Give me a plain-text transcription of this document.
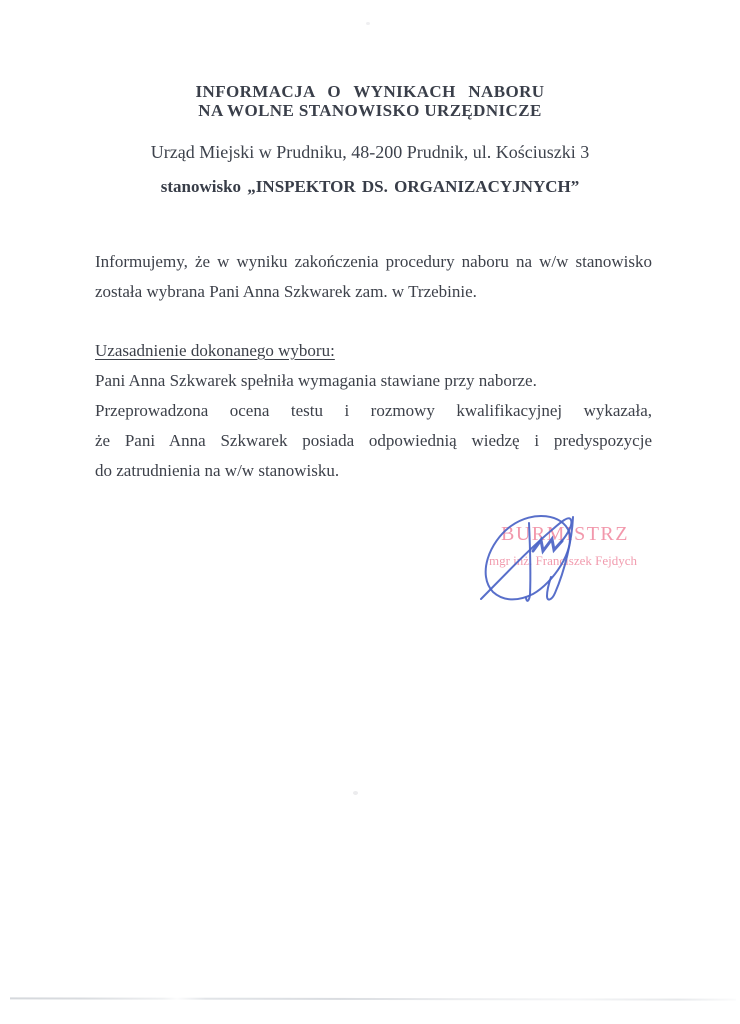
INFORMACJA O WYNIKACH NABORU
NA WOLNE STANOWISKO URZĘDNICZE
Urząd Miejski w Prudniku, 48-200 Prudnik, ul. Kościuszki 3
stanowisko „INSPEKTOR DS. ORGANIZACYJNYCH”
Informujemy, że w wyniku zakończenia procedury naboru na w/w stanowisko
została wybrana Pani Anna Szkwarek zam. w Trzebinie.
Uzasadnienie dokonanego wyboru:
Pani Anna Szkwarek spełniła wymagania stawiane przy naborze.
Przeprowadzona ocena testu i rozmowy kwalifikacyjnej wykazała,
że Pani Anna Szkwarek posiada odpowiednią wiedzę i predyspozycje
do zatrudnienia na w/w stanowisku.
BURMISTRZ
mgr inż. Franciszek Fejdych
